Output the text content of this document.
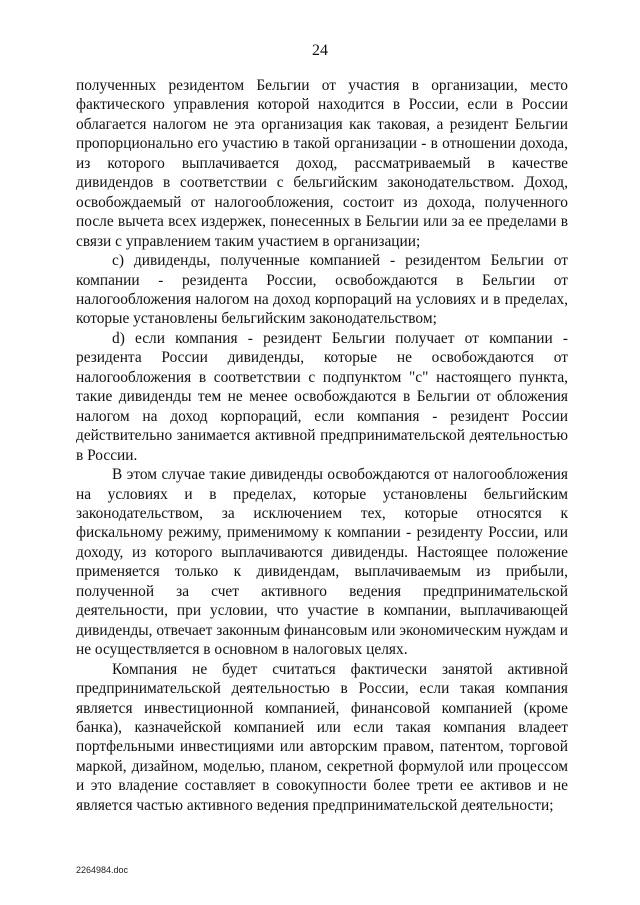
24

полученных резидентом Бельгии от участия в организации, место фактического управления которой находится в России, если в России облагается налогом не эта организация как таковая, а резидент Бельгии пропорционально его участию в такой организации - в отношении дохода, из которого выплачивается доход, рассматриваемый в качестве дивидендов в соответствии с бельгийским законодательством. Доход, освобождаемый от налогообложения, состоит из дохода, полученного после вычета всех издержек, понесенных в Бельгии или за ее пределами в связи с управлением таким участием в организации;

c) дивиденды, полученные компанией - резидентом Бельгии от компании - резидента России, освобождаются в Бельгии от налогообложения налогом на доход корпораций на условиях и в пределах, которые установлены бельгийским законодательством;

d) если компания - резидент Бельгии получает от компании - резидента России дивиденды, которые не освобождаются от налогообложения в соответствии с подпунктом "c" настоящего пункта, такие дивиденды тем не менее освобождаются в Бельгии от обложения налогом на доход корпораций, если компания - резидент России действительно занимается активной предпринимательской деятельностью в России.

В этом случае такие дивиденды освобождаются от налогообложения на условиях и в пределах, которые установлены бельгийским законодательством, за исключением тех, которые относятся к фискальному режиму, применимому к компании - резиденту России, или доходу, из которого выплачиваются дивиденды. Настоящее положение применяется только к дивидендам, выплачиваемым из прибыли, полученной за счет активного ведения предпринимательской деятельности, при условии, что участие в компании, выплачивающей дивиденды, отвечает законным финансовым или экономическим нуждам и не осуществляется в основном в налоговых целях.

Компания не будет считаться фактически занятой активной предпринимательской деятельностью в России, если такая компания является инвестиционной компанией, финансовой компанией (кроме банка), казначейской компанией или если такая компания владеет портфельными инвестициями или авторским правом, патентом, торговой маркой, дизайном, моделью, планом, секретной формулой или процессом и это владение составляет в совокупности более трети ее активов и не является частью активного ведения предпринимательской деятельности;

2264984.doc
